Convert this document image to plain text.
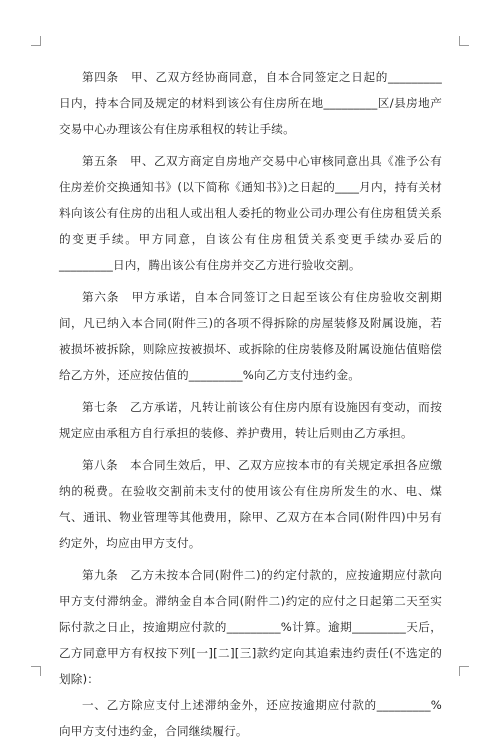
第四条　甲、乙双方经协商同意，自本合同签定之日起的_________日内，持本合同及规定的材料到该公有住房所在地_________区/县房地产交易中心办理该公有住房承租权的转让手续。

第五条　甲、乙双方商定自房地产交易中心审核同意出具《准予公有住房差价交换通知书》(以下简称《通知书》)之日起的____月内，持有关材料向该公有住房的出租人或出租人委托的物业公司办理公有住房租赁关系的变更手续。甲方同意，自该公有住房租赁关系变更手续办妥后的_________日内，腾出该公有住房并交乙方进行验收交割。

第六条　甲方承诺，自本合同签订之日起至该公有住房验收交割期间，凡已纳入本合同(附件三)的各项不得拆除的房屋装修及附属设施，若被损坏被拆除，则除应按被损坏、或拆除的住房装修及附属设施估值赔偿给乙方外，还应按估值的_________%向乙方支付违约金。

第七条　乙方承诺，凡转让前该公有住房内原有设施因有变动，而按规定应由承租方自行承担的装修、养护费用，转让后则由乙方承担。

第八条　本合同生效后，甲、乙双方应按本市的有关规定承担各应缴纳的税费。在验收交割前未支付的使用该公有住房所发生的水、电、煤气、通讯、物业管理等其他费用，除甲、乙双方在本合同(附件四)中另有约定外，均应由甲方支付。

第九条　乙方未按本合同(附件二)的约定付款的，应按逾期应付款向甲方支付滞纳金。滞纳金自本合同(附件二)约定的应付之日起第二天至实际付款之日止，按逾期应付款的_________%计算。逾期_________天后，乙方同意甲方有权按下列[一][二][三]款约定向其追索违约责任(不选定的划除)：

一、乙方除应支付上述滞纳金外，还应按逾期应付款的_________%向甲方支付违约金，合同继续履行。
